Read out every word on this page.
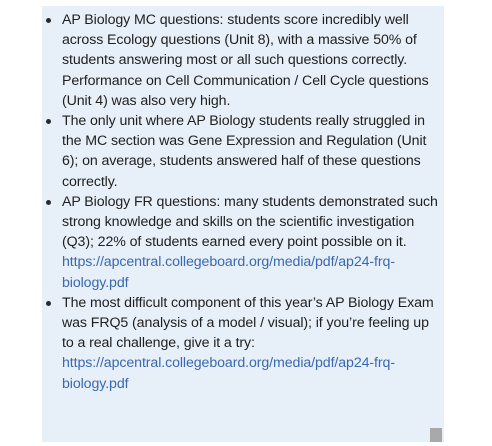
AP Biology MC questions: students score incredibly well across Ecology questions (Unit 8), with a massive 50% of students answering most or all such questions correctly. Performance on Cell Communication / Cell Cycle questions (Unit 4) was also very high.
The only unit where AP Biology students really struggled in the MC section was Gene Expression and Regulation (Unit 6); on average, students answered half of these questions correctly.
AP Biology FR questions: many students demonstrated such strong knowledge and skills on the scientific investigation (Q3); 22% of students earned every point possible on it.
https://apcentral.collegeboard.org/media/pdf/ap24-frq-
biology.pdf
The most difficult component of this year’s AP Biology Exam was FRQ5 (analysis of a model / visual); if you’re feeling up to a real challenge, give it a try:
https://apcentral.collegeboard.org/media/pdf/ap24-frq-
biology.pdf
